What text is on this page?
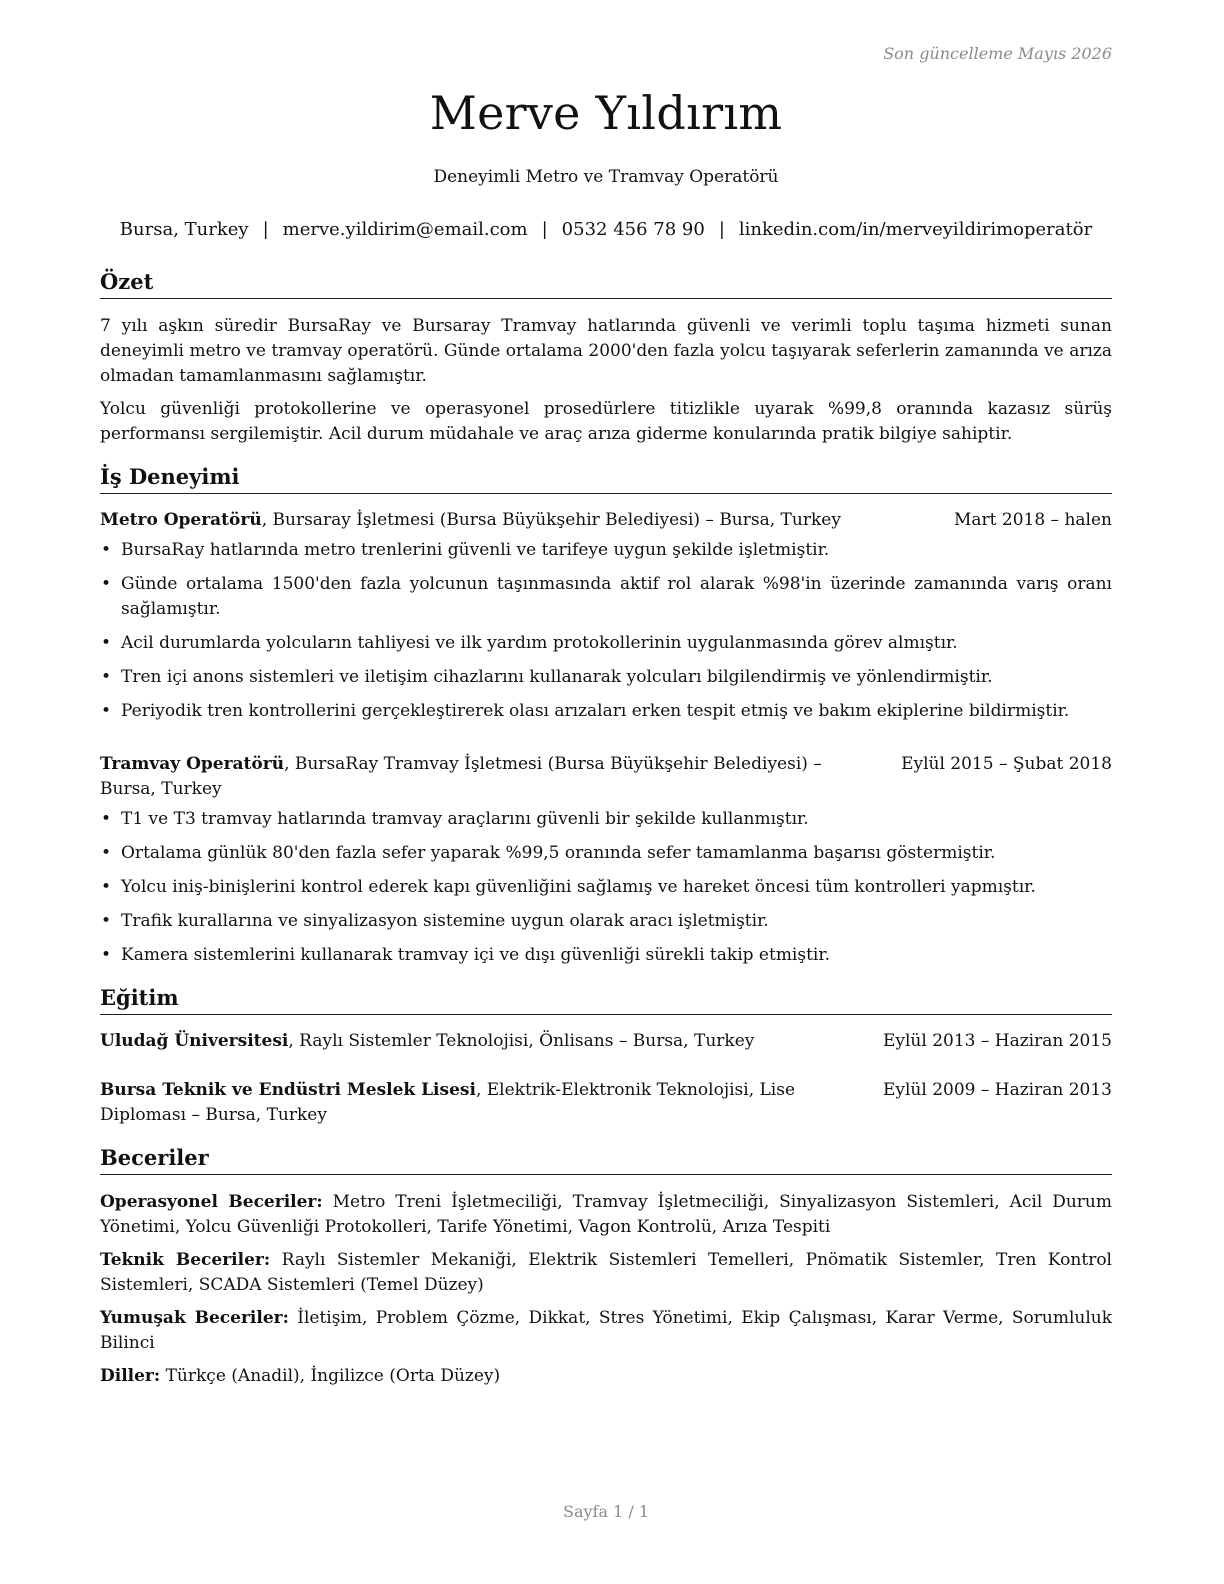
Son güncelleme Mayıs 2026
Merve Yıldırım
Deneyimli Metro ve Tramvay Operatörü
Bursa, Turkey | merve.yildirim@email.com | 0532 456 78 90 | linkedin.com/in/merveyildirimoperatör
Özet

7 yılı aşkın süredir BursaRay ve Bursaray Tramvay hatlarında güvenli ve verimli toplu taşıma hizmeti sunan deneyimli metro ve tramvay operatörü. Günde ortalama 2000'den fazla yolcu taşıyarak seferlerin zamanında ve arıza olmadan tamamlanmasını sağlamıştır.

Yolcu güvenliği protokollerine ve operasyonel prosedürlere titizlikle uyarak %99,8 oranında kazasız sürüş performansı sergilemiştir. Acil durum müdahale ve araç arıza giderme konularında pratik bilgiye sahiptir.

İş Deneyimi
Metro Operatörü, Bursaray İşletmesi (Bursa Büyükşehir Belediyesi) – Bursa, Turkey	Mart 2018 – halen
• BursaRay hatlarında metro trenlerini güvenli ve tarifeye uygun şekilde işletmiştir.
• Günde ortalama 1500'den fazla yolcunun taşınmasında aktif rol alarak %98'in üzerinde zamanında varış oranı sağlamıştır.
• Acil durumlarda yolcuların tahliyesi ve ilk yardım protokollerinin uygulanmasında görev almıştır.
• Tren içi anons sistemleri ve iletişim cihazlarını kullanarak yolcuları bilgilendirmiş ve yönlendirmiştir.
• Periyodik tren kontrollerini gerçekleştirerek olası arızaları erken tespit etmiş ve bakım ekiplerine bildirmiştir.
Tramvay Operatörü, BursaRay Tramvay İşletmesi (Bursa Büyükşehir Belediyesi) – Bursa, Turkey
Eylül 2015 – Şubat 2018
• T1 ve T3 tramvay hatlarında tramvay araçlarını güvenli bir şekilde kullanmıştır.
• Ortalama günlük 80'den fazla sefer yaparak %99,5 oranında sefer tamamlanma başarısı göstermiştir.
• Yolcu iniş-binişlerini kontrol ederek kapı güvenliğini sağlamış ve hareket öncesi tüm kontrolleri yapmıştır.
• Trafik kurallarına ve sinyalizasyon sistemine uygun olarak aracı işletmiştir.
• Kamera sistemlerini kullanarak tramvay içi ve dışı güvenliği sürekli takip etmiştir.
Eğitim
Uludağ Üniversitesi, Raylı Sistemler Teknolojisi, Önlisans – Bursa, Turkey	Eylül 2013 – Haziran 2015
Bursa Teknik ve Endüstri Meslek Lisesi, Elektrik-Elektronik Teknolojisi, Lise Diploması – Bursa, Turkey
Eylül 2009 – Haziran 2013
Beceriler

Operasyonel Beceriler: Metro Treni İşletmeciliği, Tramvay İşletmeciliği, Sinyalizasyon Sistemleri, Acil Durum Yönetimi, Yolcu Güvenliği Protokolleri, Tarife Yönetimi, Vagon Kontrolü, Arıza Tespiti

Teknik Beceriler: Raylı Sistemler Mekaniği, Elektrik Sistemleri Temelleri, Pnömatik Sistemler, Tren Kontrol Sistemleri, SCADA Sistemleri (Temel Düzey)

Yumuşak Beceriler: İletişim, Problem Çözme, Dikkat, Stres Yönetimi, Ekip Çalışması, Karar Verme, Sorumluluk Bilinci

Diller: Türkçe (Anadil), İngilizce (Orta Düzey)

Sayfa 1 / 1
